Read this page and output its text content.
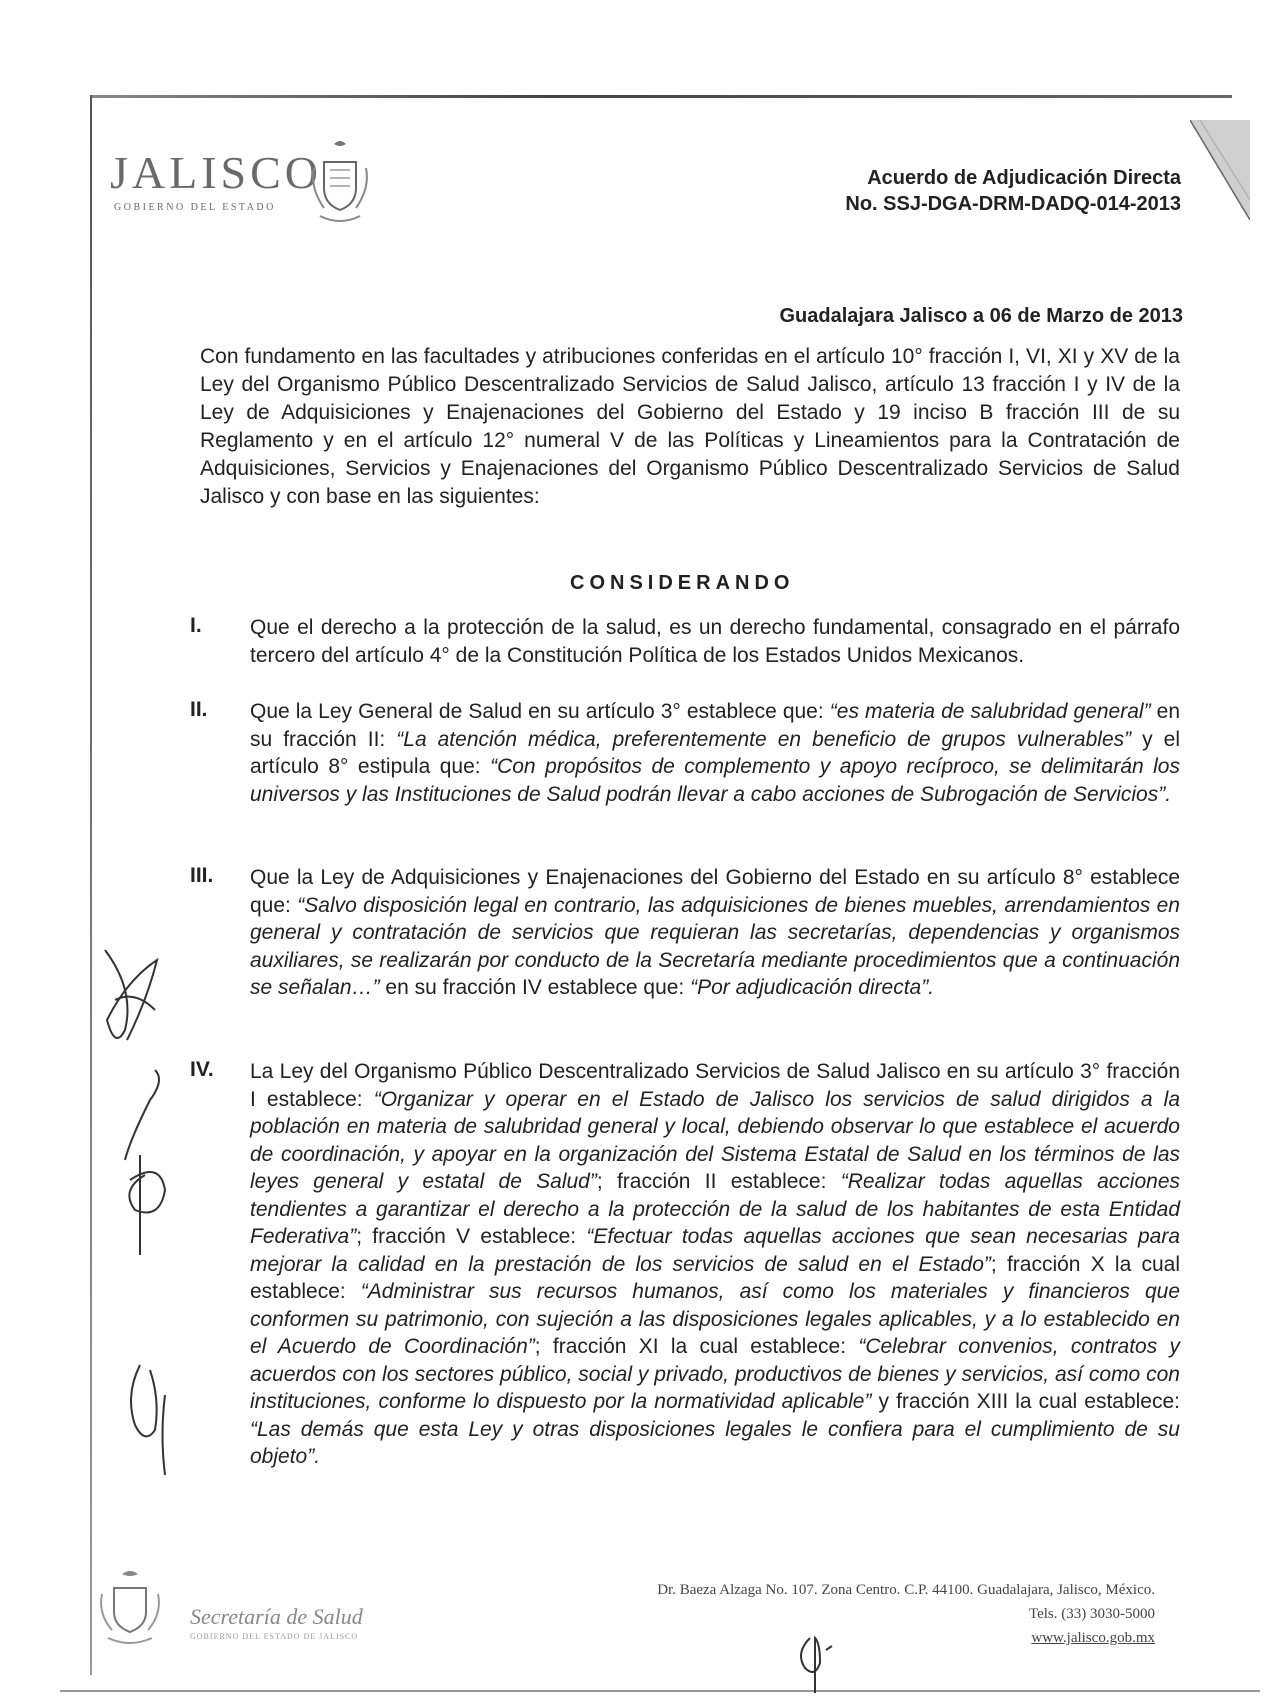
JALISCO
GOBIERNO DEL ESTADO
Acuerdo de Adjudicación Directa
No. SSJ-DGA-DRM-DADQ-014-2013
Guadalajara Jalisco a 06 de Marzo de 2013
Con fundamento en las facultades y atribuciones conferidas en el artículo 10° fracción I, VI, XI y XV de la Ley del Organismo Público Descentralizado Servicios de Salud Jalisco, artículo 13 fracción I y IV de la Ley de Adquisiciones y Enajenaciones del Gobierno del Estado y 19 inciso B fracción III de su Reglamento y en el artículo 12° numeral V de las Políticas y Lineamientos para la Contratación de Adquisiciones, Servicios y Enajenaciones del Organismo Público Descentralizado Servicios de Salud Jalisco y con base en las siguientes:
CONSIDERANDO
I.	Que el derecho a la protección de la salud, es un derecho fundamental, consagrado en el párrafo tercero del artículo 4° de la Constitución Política de los Estados Unidos Mexicanos.
II.	Que la Ley General de Salud en su artículo 3° establece que: “es materia de salubridad general” en su fracción II: “La atención médica, preferentemente en beneficio de grupos vulnerables” y el artículo 8° estipula que: “Con propósitos de complemento y apoyo recíproco, se delimitarán los universos y las Instituciones de Salud podrán llevar a cabo acciones de Subrogación de Servicios”.
III.	Que la Ley de Adquisiciones y Enajenaciones del Gobierno del Estado en su artículo 8° establece que: “Salvo disposición legal en contrario, las adquisiciones de bienes muebles, arrendamientos en general y contratación de servicios que requieran las secretarías, dependencias y organismos auxiliares, se realizarán por conducto de la Secretaría mediante procedimientos que a continuación se señalan…” en su fracción IV establece que: “Por adjudicación directa”.
IV.	La Ley del Organismo Público Descentralizado Servicios de Salud Jalisco en su artículo 3° fracción I establece: “Organizar y operar en el Estado de Jalisco los servicios de salud dirigidos a la población en materia de salubridad general y local, debiendo observar lo que establece el acuerdo de coordinación, y apoyar en la organización del Sistema Estatal de Salud en los términos de las leyes general y estatal de Salud”; fracción II establece: “Realizar todas aquellas acciones tendientes a garantizar el derecho a la protección de la salud de los habitantes de esta Entidad Federativa”; fracción V establece: “Efectuar todas aquellas acciones que sean necesarias para mejorar la calidad en la prestación de los servicios de salud en el Estado”; fracción X la cual establece: “Administrar sus recursos humanos, así como los materiales y financieros que conformen su patrimonio, con sujeción a las disposiciones legales aplicables, y a lo establecido en el Acuerdo de Coordinación”; fracción XI la cual establece: “Celebrar convenios, contratos y acuerdos con los sectores público, social y privado, productivos de bienes y servicios, así como con instituciones, conforme lo dispuesto por la normatividad aplicable” y fracción XIII la cual establece: “Las demás que esta Ley y otras disposiciones legales le confiera para el cumplimiento de su objeto”.
Secretaría de Salud
GOBIERNO DEL ESTADO DE JALISCO
Dr. Baeza Alzaga No. 107. Zona Centro. C.P. 44100. Guadalajara, Jalisco, México.
Tels. (33) 3030-5000
www.jalisco.gob.mx
